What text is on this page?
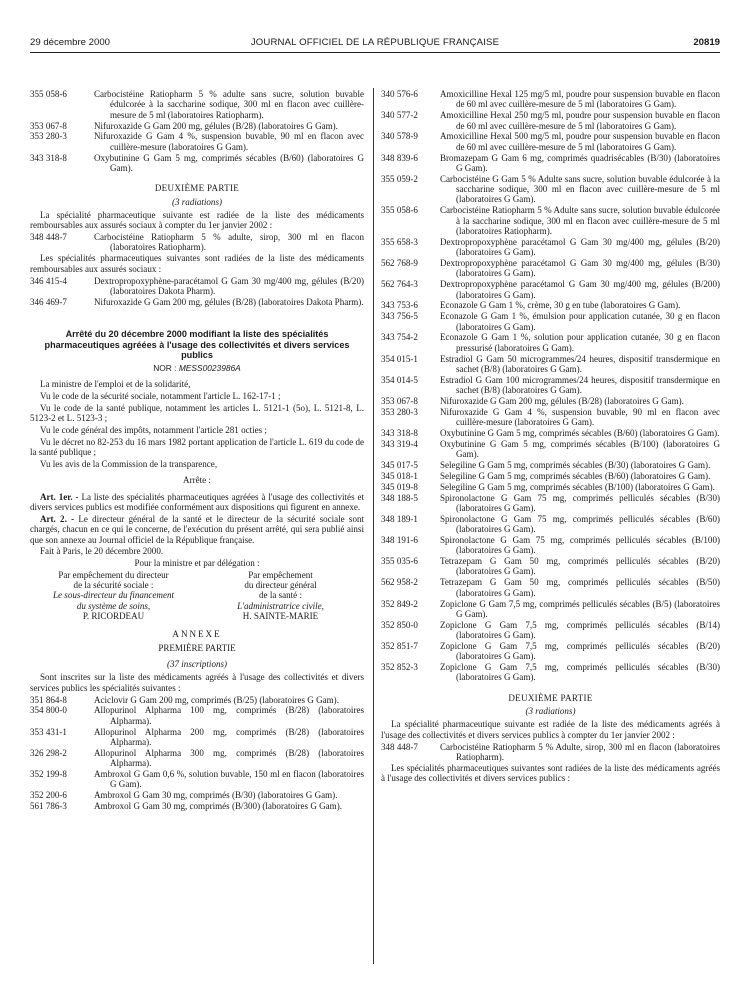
29 décembre 2000	JOURNAL OFFICIEL DE LA RÉPUBLIQUE FRANÇAISE	20819
355 058-6	Carbocistéine Ratiopharm 5 % adulte sans sucre, solution buvable édulcorée à la saccharine sodique, 300 ml en flacon avec cuillère-mesure de 5 ml (laboratoires Ratiopharm).
353 067-8	Nifuroxazide G Gam 200 mg, gélules (B/28) (laboratoires G Gam).
353 280-3	Nifuroxazide G Gam 4 %, suspension buvable, 90 ml en flacon avec cuillère-mesure (laboratoires G Gam).
343 318-8	Oxybutinine G Gam 5 mg, comprimés sécables (B/60) (laboratoires G Gam).
DEUXIÈME PARTIE
(3 radiations)
La spécialité pharmaceutique suivante est radiée de la liste des médicaments remboursables aux assurés sociaux à compter du 1er janvier 2002 :
348 448-7	Carbocistéine Ratiopharm 5 % adulte, sirop, 300 ml en flacon (laboratoires Ratiopharm).
Les spécialités pharmaceutiques suivantes sont radiées de la liste des médicaments remboursables aux assurés sociaux :
346 415-4	Dextropropoxyphène-paracétamol G Gam 30 mg/400 mg, gélules (B/20) (laboratoires Dakota Pharm).
346 469-7	Nifuroxazide G Gam 200 mg, gélules (B/28) (laboratoires Dakota Pharm).
Arrêté du 20 décembre 2000 modifiant la liste des spécialités pharmaceutiques agréées à l'usage des collectivités et divers services publics
NOR : MESS0023986A
La ministre de l'emploi et de la solidarité,
Vu le code de la sécurité sociale, notamment l'article L. 162-17-1 ;
Vu le code de la santé publique, notamment les articles L. 5121-1 (5o), L. 5121-8, L. 5123-2 et L. 5123-3 ;
Vu le code général des impôts, notamment l'article 281 octies ;
Vu le décret no 82-253 du 16 mars 1982 portant application de l'article L. 619 du code de la santé publique ;
Vu les avis de la Commission de la transparence,
Arrête :
Art. 1er. - La liste des spécialités pharmaceutiques agréées à l'usage des collectivités et divers services publics est modifiée conformément aux dispositions qui figurent en annexe.
Art. 2. - Le directeur général de la santé et le directeur de la sécurité sociale sont chargés, chacun en ce qui le concerne, de l'exécution du présent arrêté, qui sera publié ainsi que son annexe au Journal officiel de la République française.
Fait à Paris, le 20 décembre 2000.
Pour la ministre et par délégation :
Par empêchement du directeur
de la sécurité sociale :
Le sous-directeur du financement
du système de soins,
P. RICORDEAU
Par empêchement
du directeur général
de la santé :
L'administratrice civile,
H. SAINTE-MARIE
ANNEXE
PREMIÈRE PARTIE
(37 inscriptions)
Sont inscrites sur la liste des médicaments agréés à l'usage des collectivités et divers services publics les spécialités suivantes :
351 864-8	Aciclovir G Gam 200 mg, comprimés (B/25) (laboratoires G Gam).
354 800-0	Allopurinol Alpharma 100 mg, comprimés (B/28) (laboratoires Alpharma).
353 431-1	Allopurinol Alpharma 200 mg, comprimés (B/28) (laboratoires Alpharma).
326 298-2	Allopurinol Alpharma 300 mg, comprimés (B/28) (laboratoires Alpharma).
352 199-8	Ambroxol G Gam 0,6 %, solution buvable, 150 ml en flacon (laboratoires G Gam).
352 200-6	Ambroxol G Gam 30 mg, comprimés (B/30) (laboratoires G Gam).
561 786-3	Ambroxol G Gam 30 mg, comprimés (B/300) (laboratoires G Gam).
340 576-6 Amoxicilline Hexal 125 mg/5 ml, poudre pour suspension buvable en flacon de 60 ml avec cuillère-mesure de 5 ml (laboratoires G Gam).
340 577-2 Amoxicilline Hexal 250 mg/5 ml, poudre pour suspension buvable en flacon de 60 ml avec cuillère-mesure de 5 ml (laboratoires G Gam).
340 578-9 Amoxicilline Hexal 500 mg/5 ml, poudre pour suspension buvable en flacon de 60 ml avec cuillère-mesure de 5 ml (laboratoires G Gam).
348 839-6 Bromazepam G Gam 6 mg, comprimés quadrisécables (B/30) (laboratoires G Gam).
355 059-2 Carbocistéine G Gam 5 % Adulte sans sucre, solution buvable édulcorée à la saccharine sodique, 300 ml en flacon avec cuillère-mesure de 5 ml (laboratoires G Gam).
355 058-6 Carbocistéine Ratiopharm 5 % Adulte sans sucre, solution buvable édulcorée à la saccharine sodique, 300 ml en flacon avec cuillère-mesure de 5 ml (laboratoires Ratiopharm).
355 658-3 Dextropropoxyphène paracétamol G Gam 30 mg/400 mg, gélules (B/20) (laboratoires G Gam).
562 768-9 Dextropropoxyphène paracétamol G Gam 30 mg/400 mg, gélules (B/30) (laboratoires G Gam).
562 764-3 Dextropropoxyphène paracétamol G Gam 30 mg/400 mg, gélules (B/200) (laboratoires G Gam).
343 753-6 Econazole G Gam 1 %, crème, 30 g en tube (laboratoires G Gam).
343 756-5 Econazole G Gam 1 %, émulsion pour application cutanée, 30 g en flacon (laboratoires G Gam).
343 754-2 Econazole G Gam 1 %, solution pour application cutanée, 30 g en flacon pressurisé (laboratoires G Gam).
354 015-1 Estradiol G Gam 50 microgrammes/24 heures, dispositif transdermique en sachet (B/8) (laboratoires G Gam).
354 014-5 Estradiol G Gam 100 microgrammes/24 heures, dispositif transdermique en sachet (B/8) (laboratoires G Gam).
353 067-8 Nifuroxazide G Gam 200 mg, gélules (B/28) (laboratoires G Gam).
353 280-3 Nifuroxazide G Gam 4 %, suspension buvable, 90 ml en flacon avec cuillère-mesure (laboratoires G Gam).
343 318-8 Oxybutinine G Gam 5 mg, comprimés sécables (B/60) (laboratoires G Gam).
343 319-4 Oxybutinine G Gam 5 mg, comprimés sécables (B/100) (laboratoires G Gam).
345 017-5 Selegiline G Gam 5 mg, comprimés sécables (B/30) (laboratoires G Gam).
345 018-1 Selegiline G Gam 5 mg, comprimés sécables (B/60) (laboratoires G Gam).
345 019-8 Selegiline G Gam 5 mg, comprimés sécables (B/100) (laboratoires G Gam).
348 188-5 Spironolactone G Gam 75 mg, comprimés pelliculés sécables (B/30) (laboratoires G Gam).
348 189-1 Spironolactone G Gam 75 mg, comprimés pelliculés sécables (B/60) (laboratoires G Gam).
348 191-6 Spironolactone G Gam 75 mg, comprimés pelliculés sécables (B/100) (laboratoires G Gam).
355 035-6 Tetrazepam G Gam 50 mg, comprimés pelliculés sécables (B/20) (laboratoires G Gam).
562 958-2 Tetrazepam G Gam 50 mg, comprimés pelliculés sécables (B/50) (laboratoires G Gam).
352 849-2 Zopiclone G Gam 7,5 mg, comprimés pelliculés sécables (B/5) (laboratoires G Gam).
352 850-0 Zopiclone G Gam 7,5 mg, comprimés pelliculés sécables (B/14) (laboratoires G Gam).
352 851-7 Zopiclone G Gam 7,5 mg, comprimés pelliculés sécables (B/20) (laboratoires G Gam).
352 852-3 Zopiclone G Gam 7,5 mg, comprimés pelliculés sécables (B/30) (laboratoires G Gam).
DEUXIÈME PARTIE
(3 radiations)
La spécialité pharmaceutique suivante est radiée de la liste des médicaments agréés à l'usage des collectivités et divers services publics à compter du 1er janvier 2002 :
348 448-7 Carbocistéine Ratiopharm 5 % Adulte, sirop, 300 ml en flacon (laboratoires Ratiopharm).
Les spécialités pharmaceutiques suivantes sont radiées de la liste des médicaments agréés à l'usage des collectivités et divers services publics :
